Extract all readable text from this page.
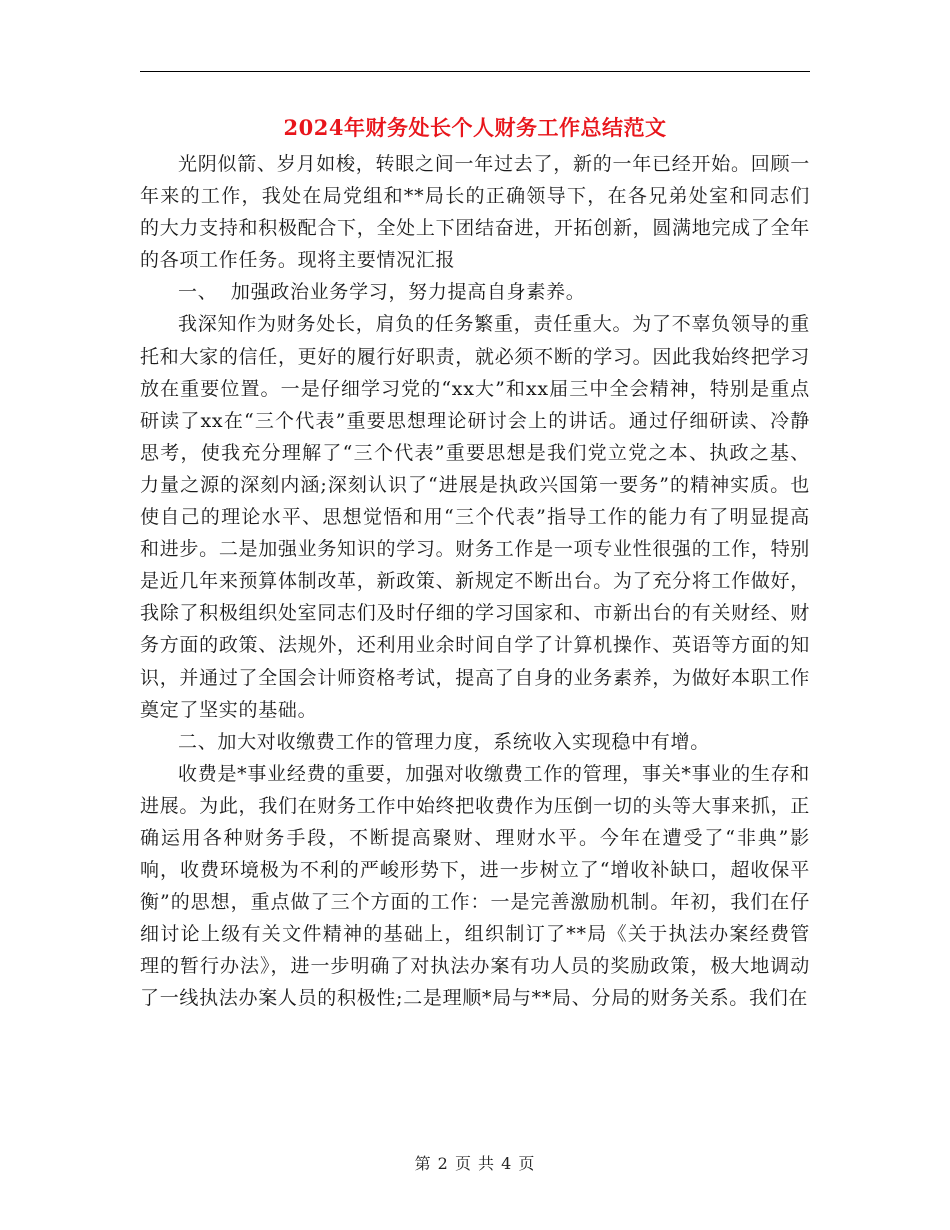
2024年财务处长个人财务工作总结范文

光阴似箭、岁月如梭，转眼之间一年过去了，新的一年已经开始。回顾一年来的工作，我处在局党组和**局长的正确领导下，在各兄弟处室和同志们的大力支持和积极配合下，全处上下团结奋进，开拓创新，圆满地完成了全年的各项工作任务。现将主要情况汇报

一、  加强政治业务学习，努力提高自身素养。

我深知作为财务处长，肩负的任务繁重，责任重大。为了不辜负领导的重托和大家的信任，更好的履行好职责，就必须不断的学习。因此我始终把学习放在重要位置。一是仔细学习党的“xx大”和xx届三中全会精神，特别是重点研读了xx在“三个代表”重要思想理论研讨会上的讲话。通过仔细研读、冷静思考，使我充分理解了“三个代表”重要思想是我们党立党之本、执政之基、力量之源的深刻内涵;深刻认识了“进展是执政兴国第一要务”的精神实质。也使自己的理论水平、思想觉悟和用“三个代表”指导工作的能力有了明显提高和进步。二是加强业务知识的学习。财务工作是一项专业性很强的工作，特别是近几年来预算体制改革，新政策、新规定不断出台。为了充分将工作做好，我除了积极组织处室同志们及时仔细的学习国家和、市新出台的有关财经、财务方面的政策、法规外，还利用业余时间自学了计算机操作、英语等方面的知识，并通过了全国会计师资格考试，提高了自身的业务素养，为做好本职工作奠定了坚实的基础。

二、加大对收缴费工作的管理力度，系统收入实现稳中有增。

收费是*事业经费的重要，加强对收缴费工作的管理，事关*事业的生存和进展。为此，我们在财务工作中始终把收费作为压倒一切的头等大事来抓，正确运用各种财务手段，不断提高聚财、理财水平。今年在遭受了“非典”影响，收费环境极为不利的严峻形势下，进一步树立了“增收补缺口，超收保平衡”的思想，重点做了三个方面的工作：一是完善激励机制。年初，我们在仔细讨论上级有关文件精神的基础上，组织制订了**局《关于执法办案经费管理的暂行办法》，进一步明确了对执法办案有功人员的奖励政策，极大地调动了一线执法办案人员的积极性;二是理顺*局与**局、分局的财务关系。我们在

第 2 页 共 4 页
